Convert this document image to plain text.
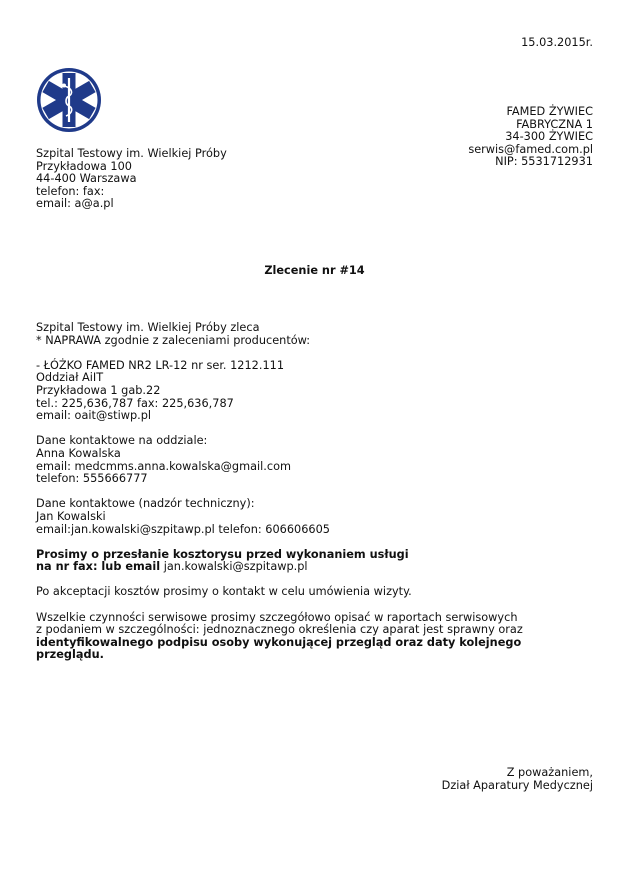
15.03.2015r.
Szpital Testowy im. Wielkiej Próby
Przykładowa 100
44-400 Warszawa
telefon: fax:
email: a@a.pl
FAMED ŻYWIEC
FABRYCZNA 1
34-300 ŻYWIEC
serwis@famed.com.pl
NIP: 5531712931
Zlecenie nr #14
Szpital Testowy im. Wielkiej Próby zleca
* NAPRAWA zgodnie z zaleceniami producentów:
- ŁÓŻKO FAMED NR2 LR-12 nr ser. 1212.111
Oddział AiIT
Przykładowa 1 gab.22
tel.: 225,636,787 fax: 225,636,787
email: oait@stiwp.pl
Dane kontaktowe na oddziale:
Anna Kowalska
email: medcmms.anna.kowalska@gmail.com
telefon: 555666777
Dane kontaktowe (nadzór techniczny):
Jan Kowalski
email:jan.kowalski@szpitawp.pl telefon: 606606605
Prosimy o przesłanie kosztorysu przed wykonaniem usługi
na nr fax: lub email jan.kowalski@szpitawp.pl
Po akceptacji kosztów prosimy o kontakt w celu umówienia wizyty.
Wszelkie czynności serwisowe prosimy szczegółowo opisać w raportach serwisowych
z podaniem w szczególności: jednoznacznego określenia czy aparat jest sprawny oraz
identyfikowalnego podpisu osoby wykonującej przegląd oraz daty kolejnego
przeglądu.
Z poważaniem,
Dział Aparatury Medycznej
